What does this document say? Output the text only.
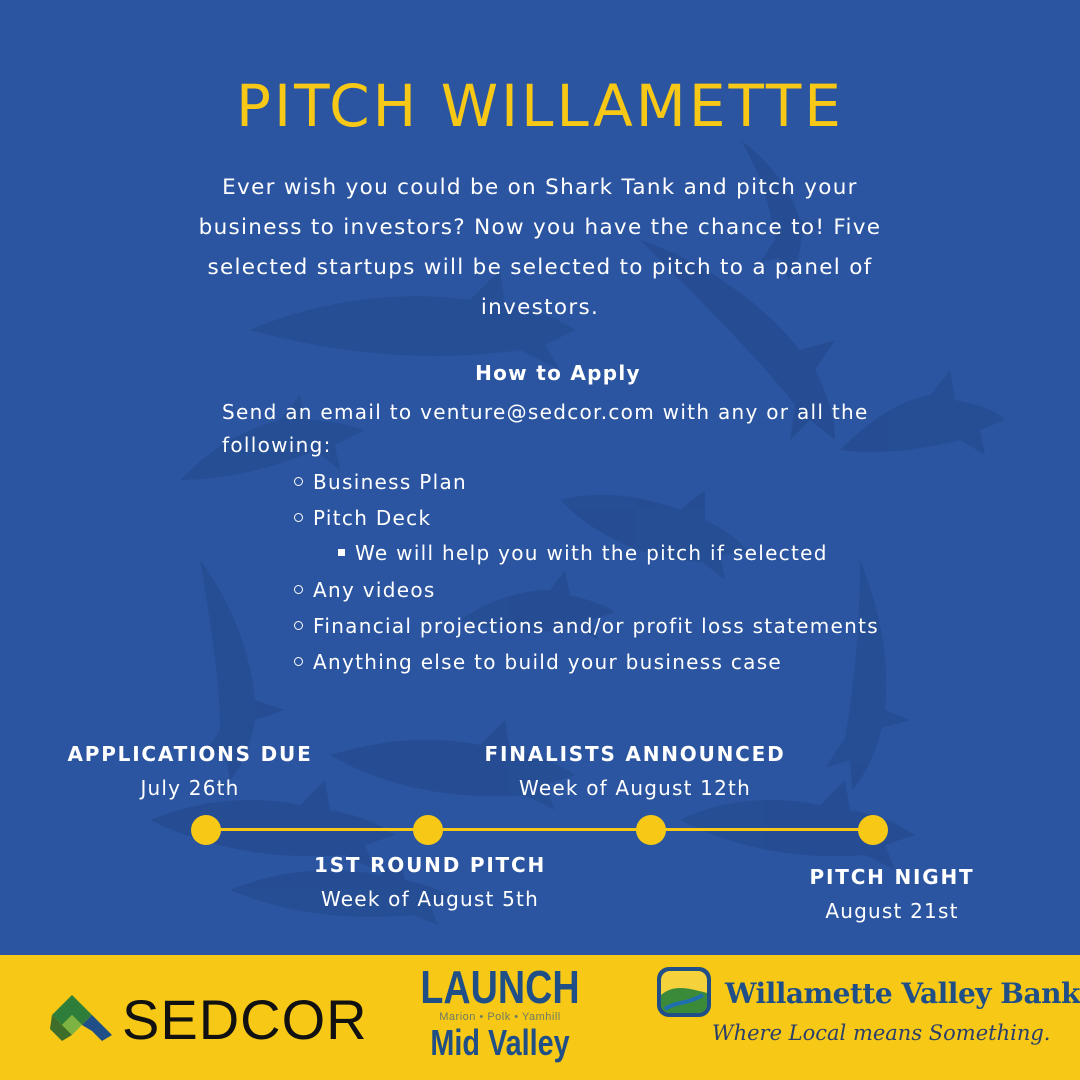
PITCH WILLAMETTE
Ever wish you could be on Shark Tank and pitch your business to investors? Now you have the chance to! Five selected startups will be selected to pitch to a panel of investors.
How to Apply
Send an email to venture@sedcor.com with any or all the following:
Business Plan
Pitch Deck
We will help you with the pitch if selected
Any videos
Financial projections and/or profit loss statements
Anything else to build your business case
APPLICATIONS DUE
July 26th
1ST ROUND PITCH
Week of August 5th
FINALISTS ANNOUNCED
Week of August 12th
PITCH NIGHT
August 21st
SEDCOR
LAUNCH
Marion • Polk • Yamhill
Mid Valley
Willamette Valley Bank
Where Local means Something.
